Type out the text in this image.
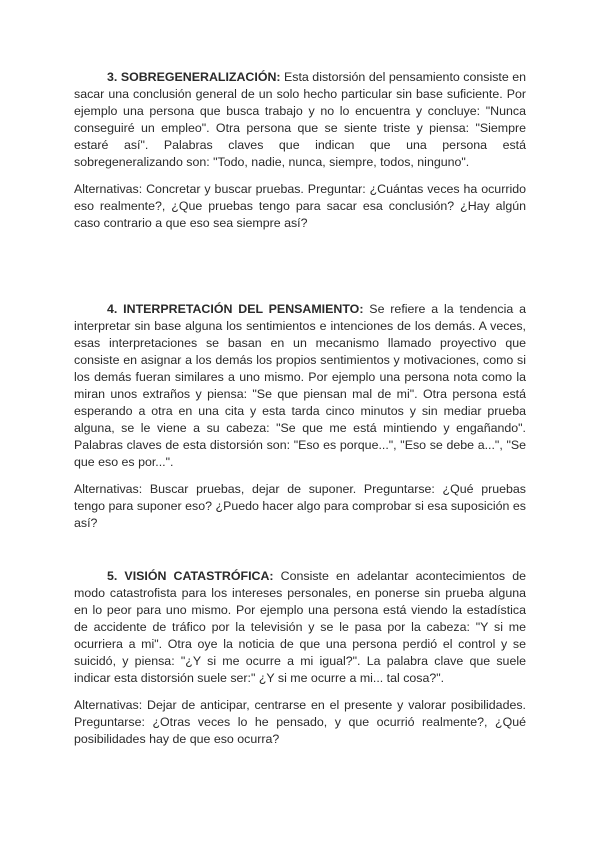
3. SOBREGENERALIZACIÓN: Esta distorsión del pensamiento consiste en sacar una conclusión general de un solo hecho particular sin base suficiente. Por ejemplo una persona que busca trabajo y no lo encuentra y concluye: "Nunca conseguiré un empleo". Otra persona que se siente triste y piensa: "Siempre estaré así". Palabras claves que indican que una persona está sobregeneralizando son: "Todo, nadie, nunca, siempre, todos, ninguno".

Alternativas: Concretar y buscar pruebas. Preguntar: ¿Cuántas veces ha ocurrido eso realmente?, ¿Que pruebas tengo para sacar esa conclusión? ¿Hay algún caso contrario a que eso sea siempre así?

4. INTERPRETACIÓN DEL PENSAMIENTO: Se refiere a la tendencia a interpretar sin base alguna los sentimientos e intenciones de los demás. A veces, esas interpretaciones se basan en un mecanismo llamado proyectivo que consiste en asignar a los demás los propios sentimientos y motivaciones, como si los demás fueran similares a uno mismo. Por ejemplo una persona nota como la miran unos extraños y piensa: "Se que piensan mal de mi". Otra persona está esperando a otra en una cita y esta tarda cinco minutos y sin mediar prueba alguna, se le viene a su cabeza: "Se que me está mintiendo y engañando". Palabras claves de esta distorsión son: "Eso es porque...", "Eso se debe a...", "Se que eso es por...".

Alternativas: Buscar pruebas, dejar de suponer. Preguntarse: ¿Qué pruebas tengo para suponer eso? ¿Puedo hacer algo para comprobar si esa suposición es así?

5. VISIÓN CATASTRÓFICA: Consiste en adelantar acontecimientos de modo catastrofista para los intereses personales, en ponerse sin prueba alguna en lo peor para uno mismo. Por ejemplo una persona está viendo la estadística de accidente de tráfico por la televisión y se le pasa por la cabeza: "Y si me ocurriera a mi". Otra oye la noticia de que una persona perdió el control y se suicidó, y piensa: "¿Y si me ocurre a mi igual?". La palabra clave que suele indicar esta distorsión suele ser:" ¿Y si me ocurre a mi... tal cosa?".

Alternativas: Dejar de anticipar, centrarse en el presente y valorar posibilidades. Preguntarse: ¿Otras veces lo he pensado, y que ocurrió realmente?, ¿Qué posibilidades hay de que eso ocurra?
